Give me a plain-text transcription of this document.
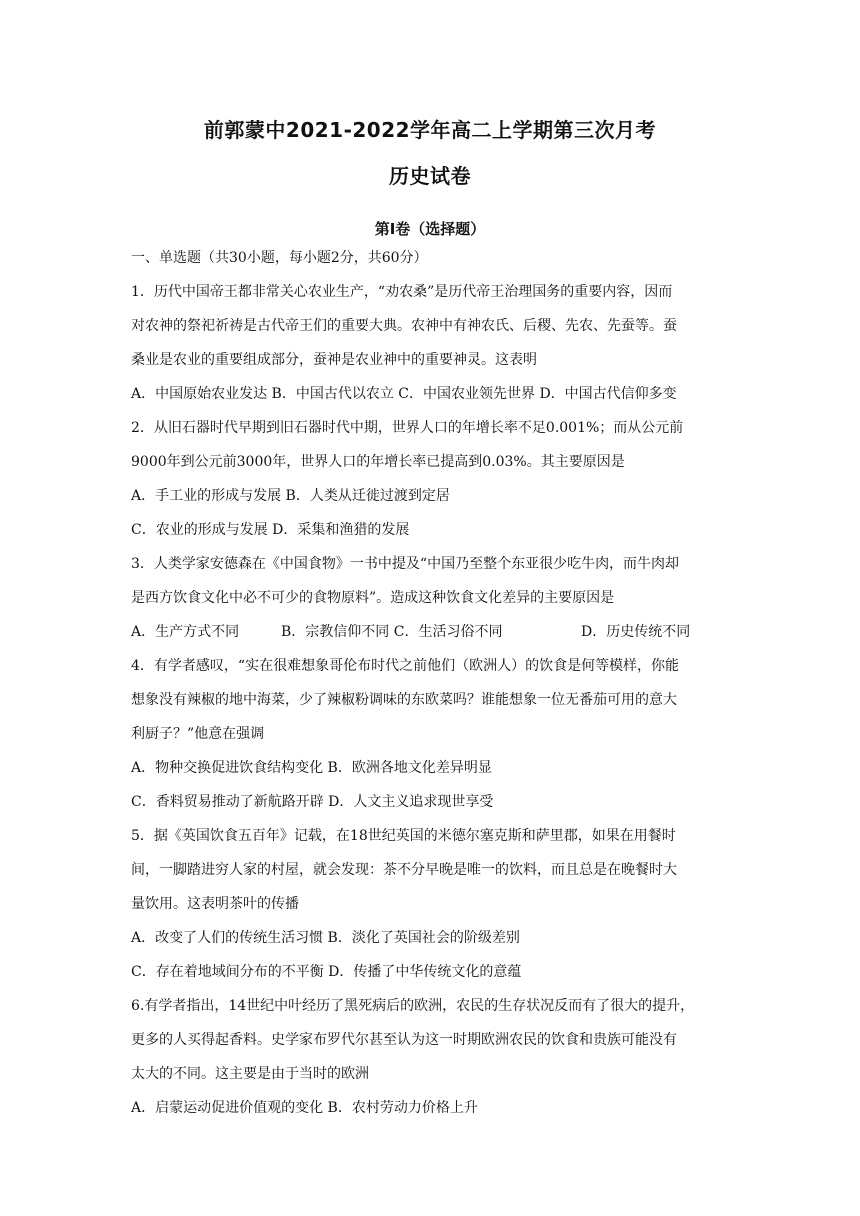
前郭蒙中2021-2022学年高二上学期第三次月考
历史试卷
第Ⅰ卷（选择题）
一、单选题（共30小题，每小题2分，共60分）
1．历代中国帝王都非常关心农业生产，“劝农桑”是历代帝王治理国务的重要内容，因而
对农神的祭祀祈祷是古代帝王们的重要大典。农神中有神农氏、后稷、先农、先蚕等。蚕
桑业是农业的重要组成部分，蚕神是农业神中的重要神灵。这表明
A．中国原始农业发达 B．中国古代以农立 C．中国农业领先世界 D．中国古代信仰多变
2．从旧石器时代早期到旧石器时代中期，世界人口的年增长率不足0.001%；而从公元前
9000年到公元前3000年，世界人口的年增长率已提高到0.03%。其主要原因是
A．手工业的形成与发展 B．人类从迁徙过渡到定居
C．农业的形成与发展 D．采集和渔猎的发展
3．人类学家安德森在《中国食物》一书中提及“中国乃至整个东亚很少吃牛肉，而牛肉却
是西方饮食文化中必不可少的食物原料”。造成这种饮食文化差异的主要原因是
A．生产方式不同	B．宗教信仰不同 C．生活习俗不同	D．历史传统不同
4．有学者感叹，“实在很难想象哥伦布时代之前他们（欧洲人）的饮食是何等模样，你能
想象没有辣椒的地中海菜，少了辣椒粉调味的东欧菜吗？谁能想象一位无番茄可用的意大
利厨子？”他意在强调
A．物种交换促进饮食结构变化 B．欧洲各地文化差异明显
C．香料贸易推动了新航路开辟 D．人文主义追求现世享受
5．据《英国饮食五百年》记载，在18世纪英国的米德尔塞克斯和萨里郡，如果在用餐时
间，一脚踏进穷人家的村屋，就会发现：茶不分早晚是唯一的饮料，而且总是在晚餐时大
量饮用。这表明茶叶的传播
A．改变了人们的传统生活习惯 B．淡化了英国社会的阶级差别
C．存在着地域间分布的不平衡 D．传播了中华传统文化的意蕴
6.有学者指出，14世纪中叶经历了黑死病后的欧洲，农民的生存状况反而有了很大的提升，
更多的人买得起香料。史学家布罗代尔甚至认为这一时期欧洲农民的饮食和贵族可能没有
太大的不同。这主要是由于当时的欧洲
A．启蒙运动促进价值观的变化 B．农村劳动力价格上升
